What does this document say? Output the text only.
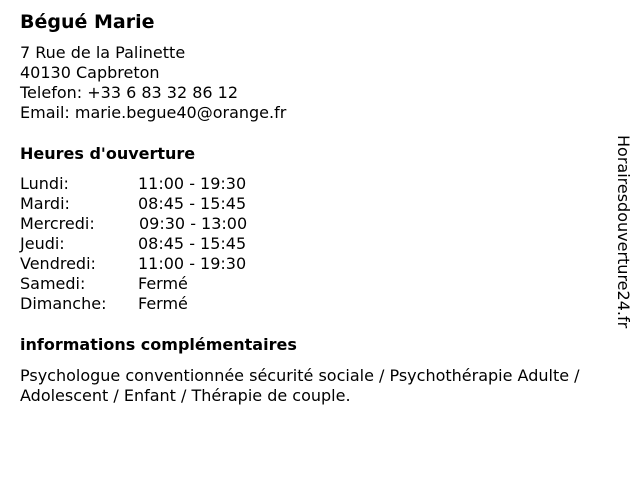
Bégué Marie
7 Rue de la Palinette
40130 Capbreton
Telefon: +33 6 83 32 86 12
Email: marie.begue40@orange.fr
Heures d'ouverture
Lundi:	11:00 - 19:30
Mardi:	08:45 - 15:45
Mercredi:	09:30 - 13:00
Jeudi:	08:45 - 15:45
Vendredi:	11:00 - 19:30
Samedi:	Fermé
Dimanche:	Fermé
informations complémentaires
Psychologue conventionnée sécurité sociale / Psychothérapie Adulte / Adolescent / Enfant / Thérapie de couple.
Horairesdouverture24.fr
